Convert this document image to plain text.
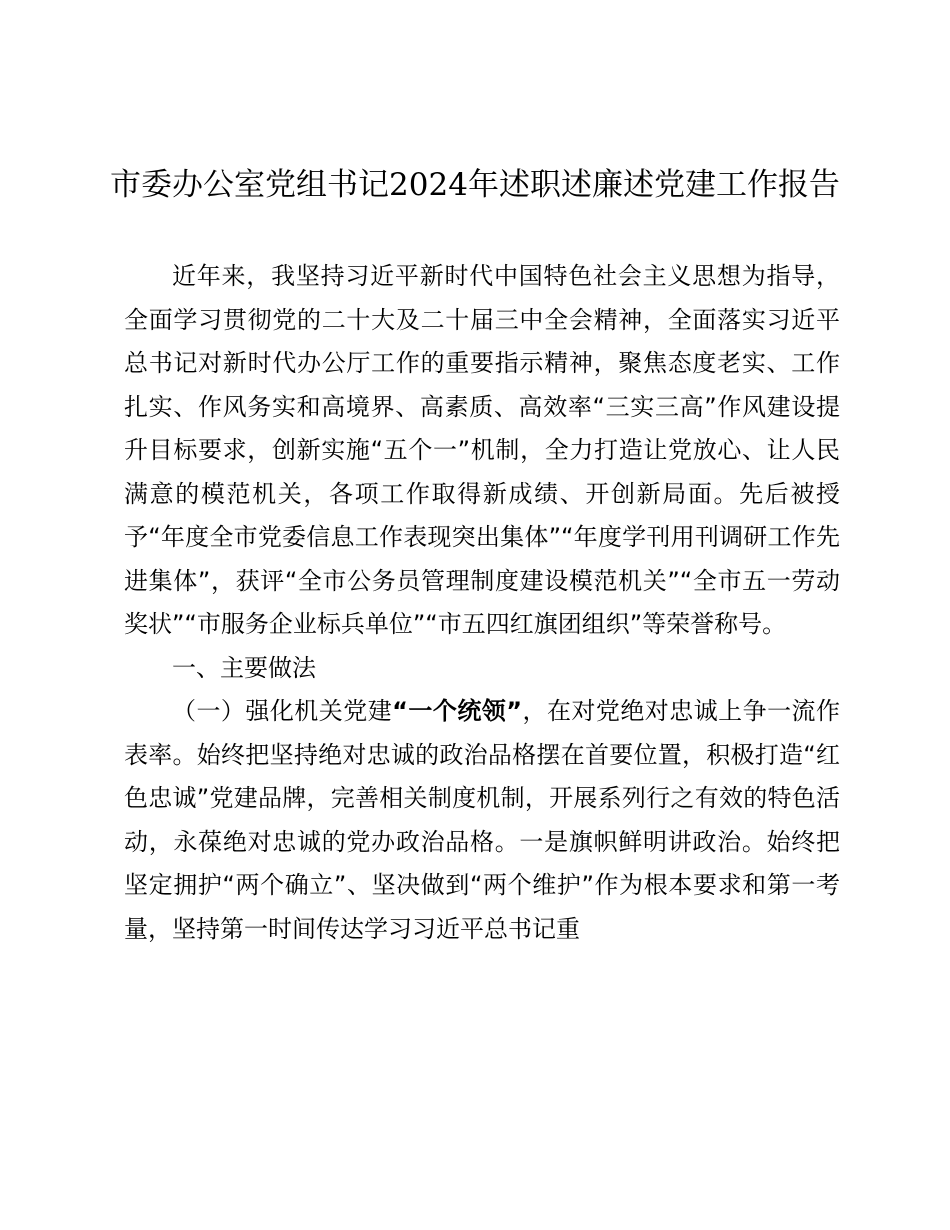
市委办公室党组书记2024年述职述廉述党建工作报告

近年来，我坚持习近平新时代中国特色社会主义思想为指导，全面学习贯彻党的二十大及二十届三中全会精神，全面落实习近平总书记对新时代办公厅工作的重要指示精神，聚焦态度老实、工作扎实、作风务实和高境界、高素质、高效率“三实三高”作风建设提升目标要求，创新实施“五个一”机制，全力打造让党放心、让人民满意的模范机关，各项工作取得新成绩、开创新局面。先后被授予“年度全市党委信息工作表现突出集体”“年度学刊用刊调研工作先进集体”，获评“全市公务员管理制度建设模范机关”“全市五一劳动奖状”“市服务企业标兵单位”“市五四红旗团组织”等荣誉称号。

一、主要做法

（一）强化机关党建“一个统领”，在对党绝对忠诚上争一流作表率。始终把坚持绝对忠诚的政治品格摆在首要位置，积极打造“红色忠诚”党建品牌，完善相关制度机制，开展系列行之有效的特色活动，永葆绝对忠诚的党办政治品格。一是旗帜鲜明讲政治。始终把坚定拥护“两个确立”、坚决做到“两个维护”作为根本要求和第一考量，坚持第一时间传达学习习近平总书记重
